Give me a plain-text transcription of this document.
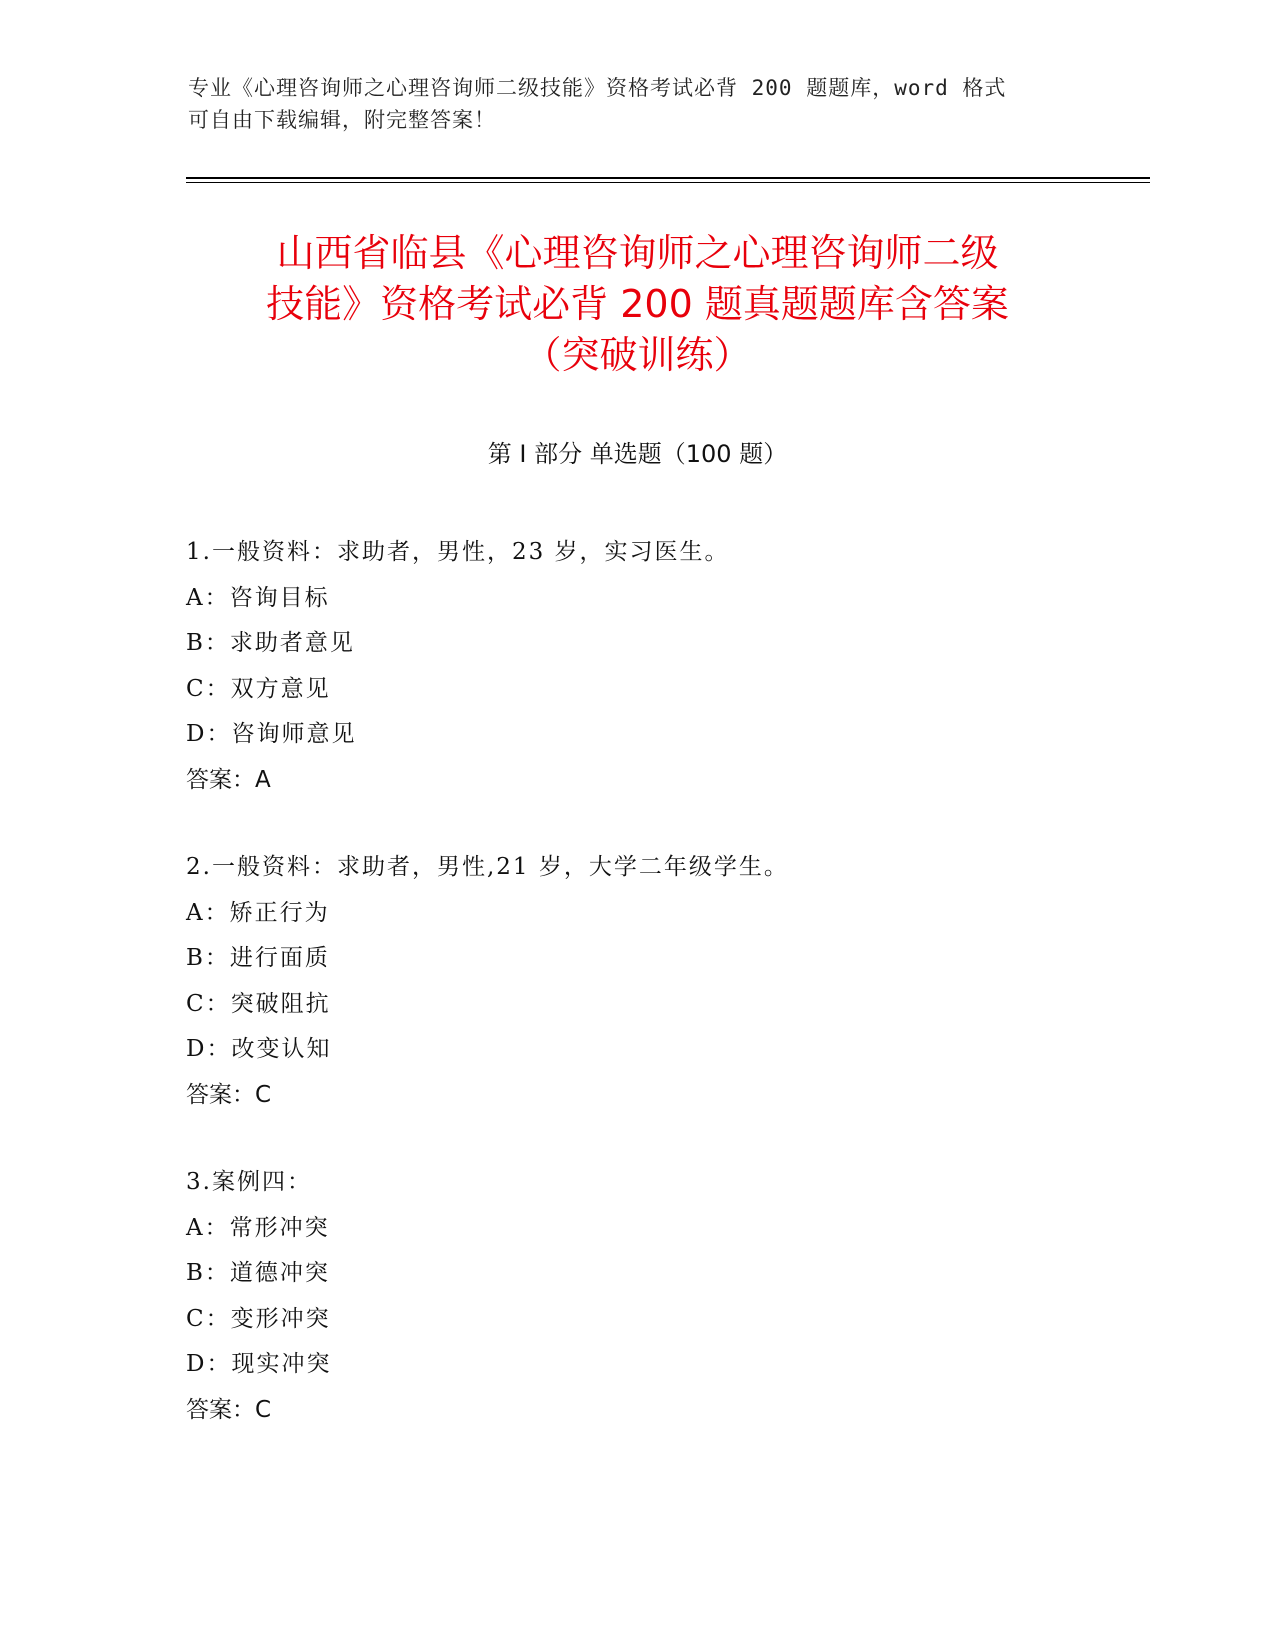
专业《心理咨询师之心理咨询师二级技能》资格考试必背 200 题题库，word 格式
可自由下载编辑，附完整答案！
山西省临县《心理咨询师之心理咨询师二级
技能》资格考试必背 200 题真题题库含答案
（突破训练）
第 I 部分 单选题（100 题）
1.一般资料：求助者，男性，23 岁，实习医生。
A：咨询目标
B：求助者意见
C：双方意见
D：咨询师意见
答案：A
2.一般资料：求助者，男性,21 岁，大学二年级学生。
A：矫正行为
B：进行面质
C：突破阻抗
D：改变认知
答案：C
3.案例四：
A：常形冲突
B：道德冲突
C：变形冲突
D：现实冲突
答案：C
